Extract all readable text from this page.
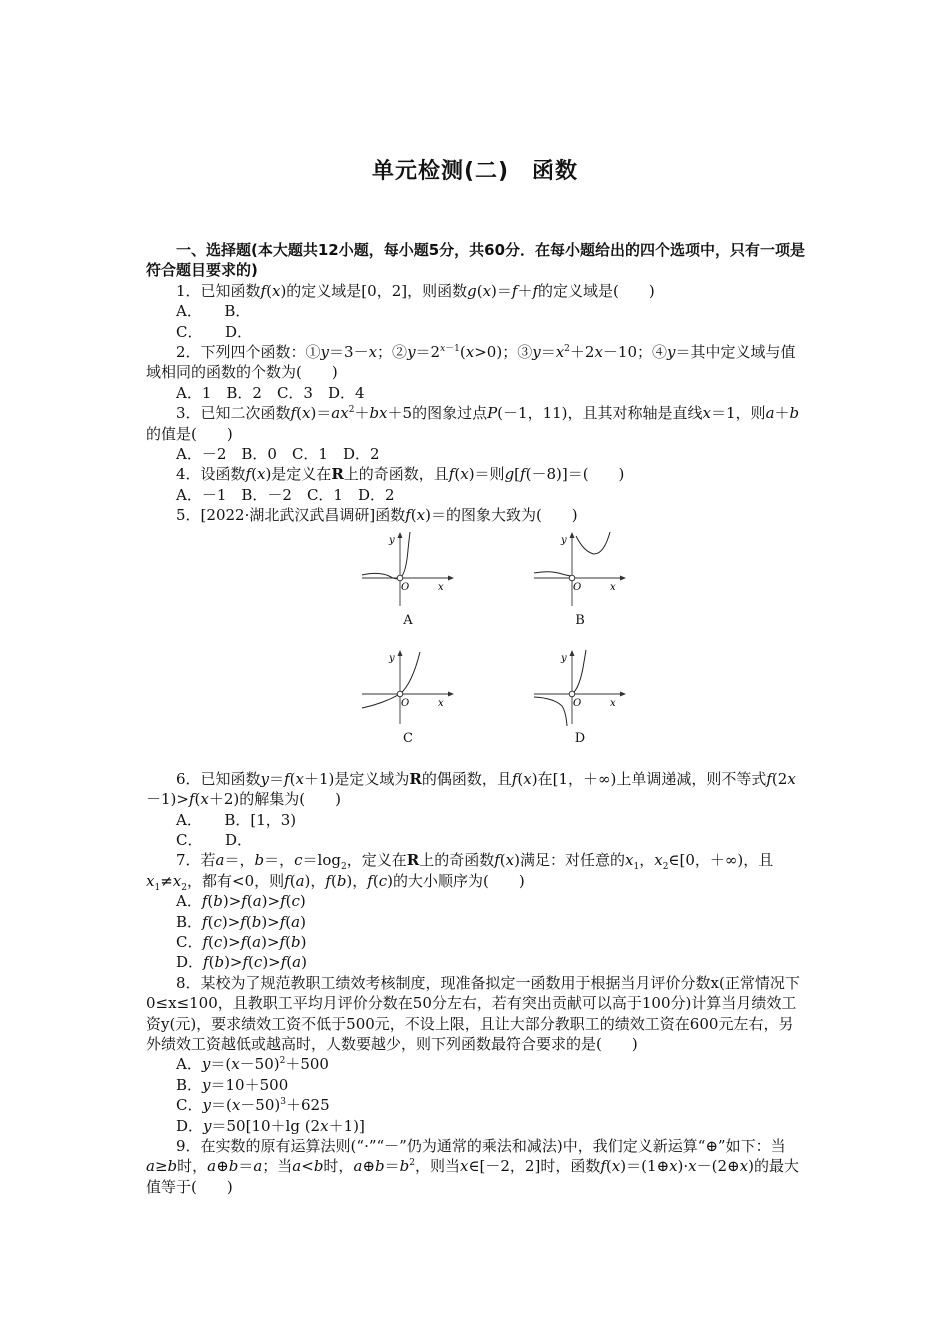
单元检测(二)　函数

一、选择题(本大题共12小题，每小题5分，共60分．在每小题给出的四个选项中，只有一项是符合题目要求的)

1．已知函数f(x)的定义域是[0，2]，则函数g(x)＝f＋f的定义域是(　　)

A．　　B．

C．　　D．

2．下列四个函数：①y＝3－x；$②y=2^{x-1}(x>0)$；$③y=x^2+2x-10$；④y＝其中定义域与值域相同的函数的个数为(　　)

A．1　B．2　C．3　D．4

3．已知二次函数$f(x)=ax^2+bx+5$的图象过点P(－1，11)，且其对称轴是直线x＝1，则a＋b的值是(　　)

A．－2　B．0　C．1　D．2

4．设函数f(x)是定义在R上的奇函数，且f(x)＝则g[f(－8)]＝(　　)

A．－1　B．－2　C．1　D．2

5．[2022·湖北武汉武昌调研]函数f(x)＝的图象大致为(　　)

y
x
O
A
y
x
O
B
y
x
O
C
y
x
O
D

6．已知函数y＝f(x＋1)是定义域为R的偶函数，且f(x)在[1，＋∞)上单调递减，则不等式f(2x－1)>f(x＋2)的解集为(　　)

A．　　B．[1，3)

C．　　D．

7．若a＝，b＝，$c=\log_2$，定义在R上的奇函数f(x)满足：对任意的$x_1$，$x_2\in[0$，＋∞)，且$x_1\ne x_2$，都有<0，则f(a)，f(b)，f(c)的大小顺序为(　　)

A．f(b)>f(a)>f(c)

B．f(c)>f(b)>f(a)

C．f(c)>f(a)>f(b)

D．f(b)>f(c)>f(a)

8．某校为了规范教职工绩效考核制度，现准备拟定一函数用于根据当月评价分数x(正常情况下0≤x≤100，且教职工平均月评价分数在50分左右，若有突出贡献可以高于100分)计算当月绩效工资y(元)，要求绩效工资不低于500元，不设上限，且让大部分教职工的绩效工资在600元左右，另外绩效工资越低或越高时，人数要越少，则下列函数最符合要求的是(　　)

A．$y=(x-50)^2+500$

B．y＝10＋500

C．$y=(x-50)^3+625$

D．y＝50[10＋lg (2x＋1)]

9．在实数的原有运算法则(“·”“－”仍为通常的乘法和减法)中，我们定义新运算“⊕”如下：当a≥b时，a⊕b＝a；当a<b时，$a\oplus b=b^2$，则当x∈[－2，2]时，函数f(x)＝(1⊕x)·x－(2⊕x)的最大值等于(　　)
